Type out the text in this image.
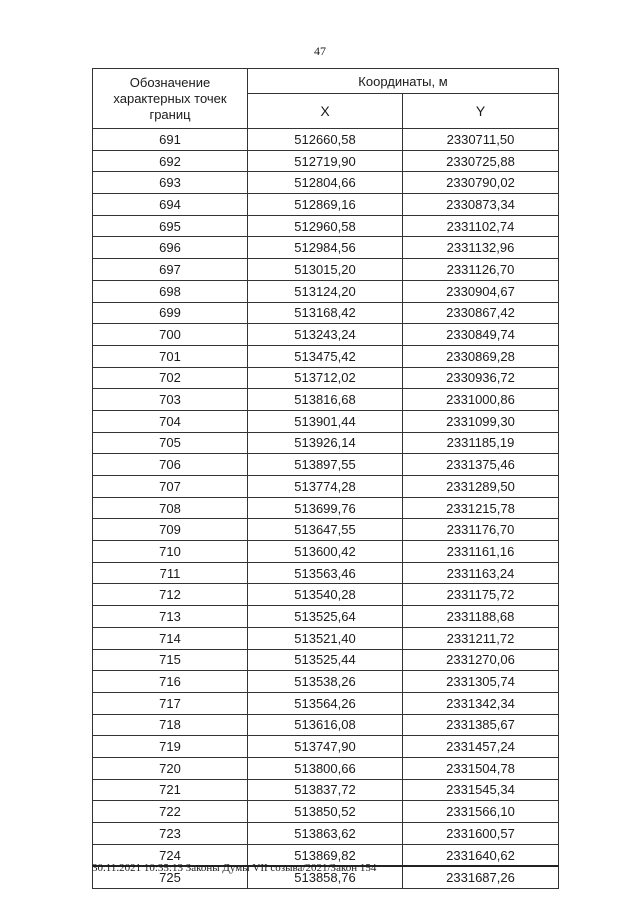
47
Обозначение характерных точек границ	Координаты, м	
	X	Y
691	512660,58	2330711,50
692	512719,90	2330725,88
693	512804,66	2330790,02
694	512869,16	2330873,34
695	512960,58	2331102,74
696	512984,56	2331132,96
697	513015,20	2331126,70
698	513124,20	2330904,67
699	513168,42	2330867,42
700	513243,24	2330849,74
701	513475,42	2330869,28
702	513712,02	2330936,72
703	513816,68	2331000,86
704	513901,44	2331099,30
705	513926,14	2331185,19
706	513897,55	2331375,46
707	513774,28	2331289,50
708	513699,76	2331215,78
709	513647,55	2331176,70
710	513600,42	2331161,16
711	513563,46	2331163,24
712	513540,28	2331175,72
713	513525,64	2331188,68
714	513521,40	2331211,72
715	513525,44	2331270,06
716	513538,26	2331305,74
717	513564,26	2331342,34
718	513616,08	2331385,67
719	513747,90	2331457,24
720	513800,66	2331504,78
721	513837,72	2331545,34
722	513850,52	2331566,10
723	513863,62	2331600,57
724	513869,82	2331640,62
725	513858,76	2331687,26
30.11.2021 10:35:13 Законы Думы VII созыва/2021/Закон 154
